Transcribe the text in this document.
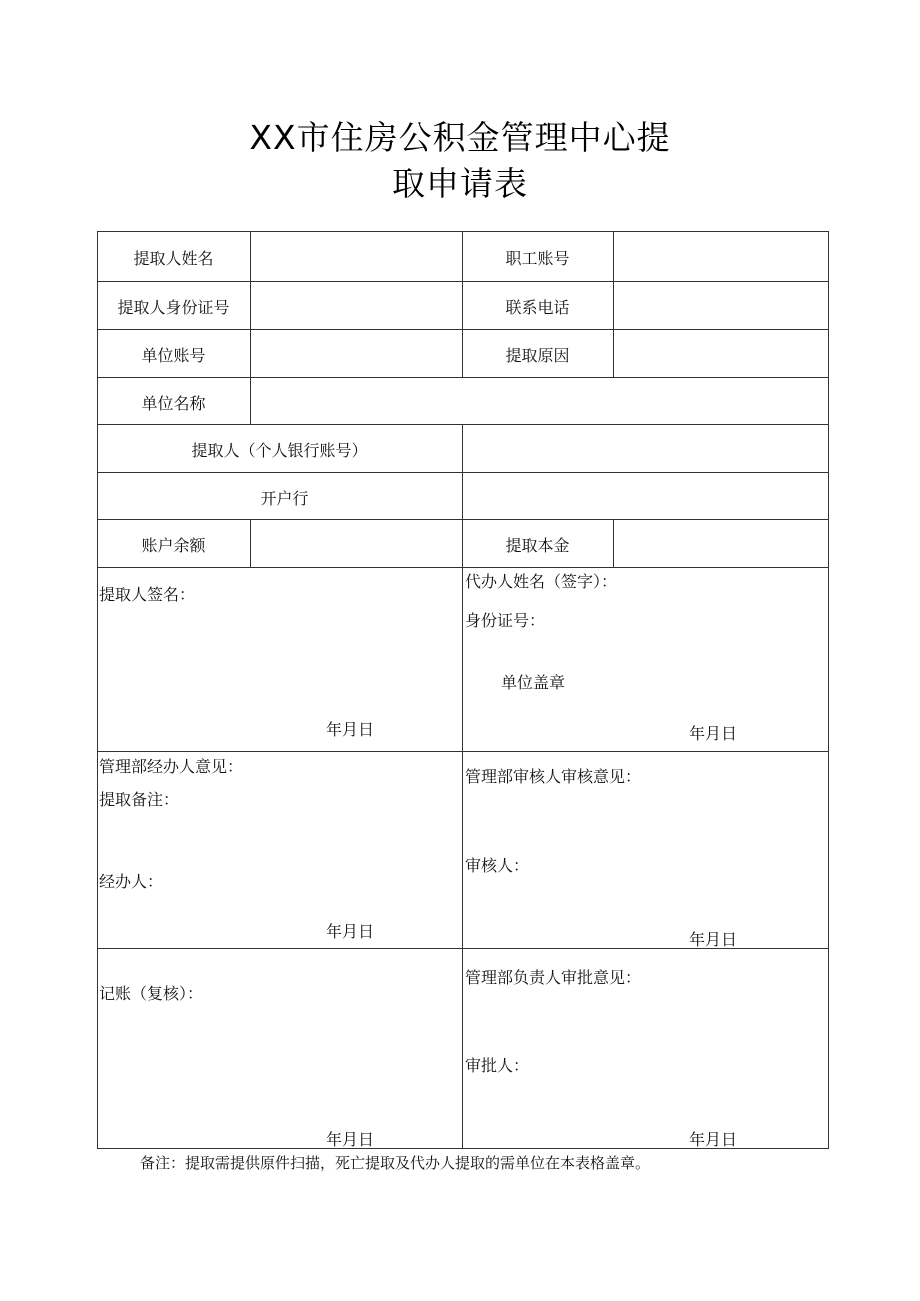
XX市住房公积金管理中心提
取申请表
提取人姓名	职工账号
提取人身份证号	联系电话
单位账号	提取原因
单位名称
提取人（个人银行账号）
开户行
账户余额	提取本金
提取人签名：
年月日
代办人姓名（签字）：
身份证号：
单位盖章
年月日
管理部经办人意见：
提取备注：
经办人：
年月日
管理部审核人审核意见：
审核人：
年月日
记账（复核）：
年月日
管理部负责人审批意见：
审批人：
年月日
备注：提取需提供原件扫描，死亡提取及代办人提取的需单位在本表格盖章。
